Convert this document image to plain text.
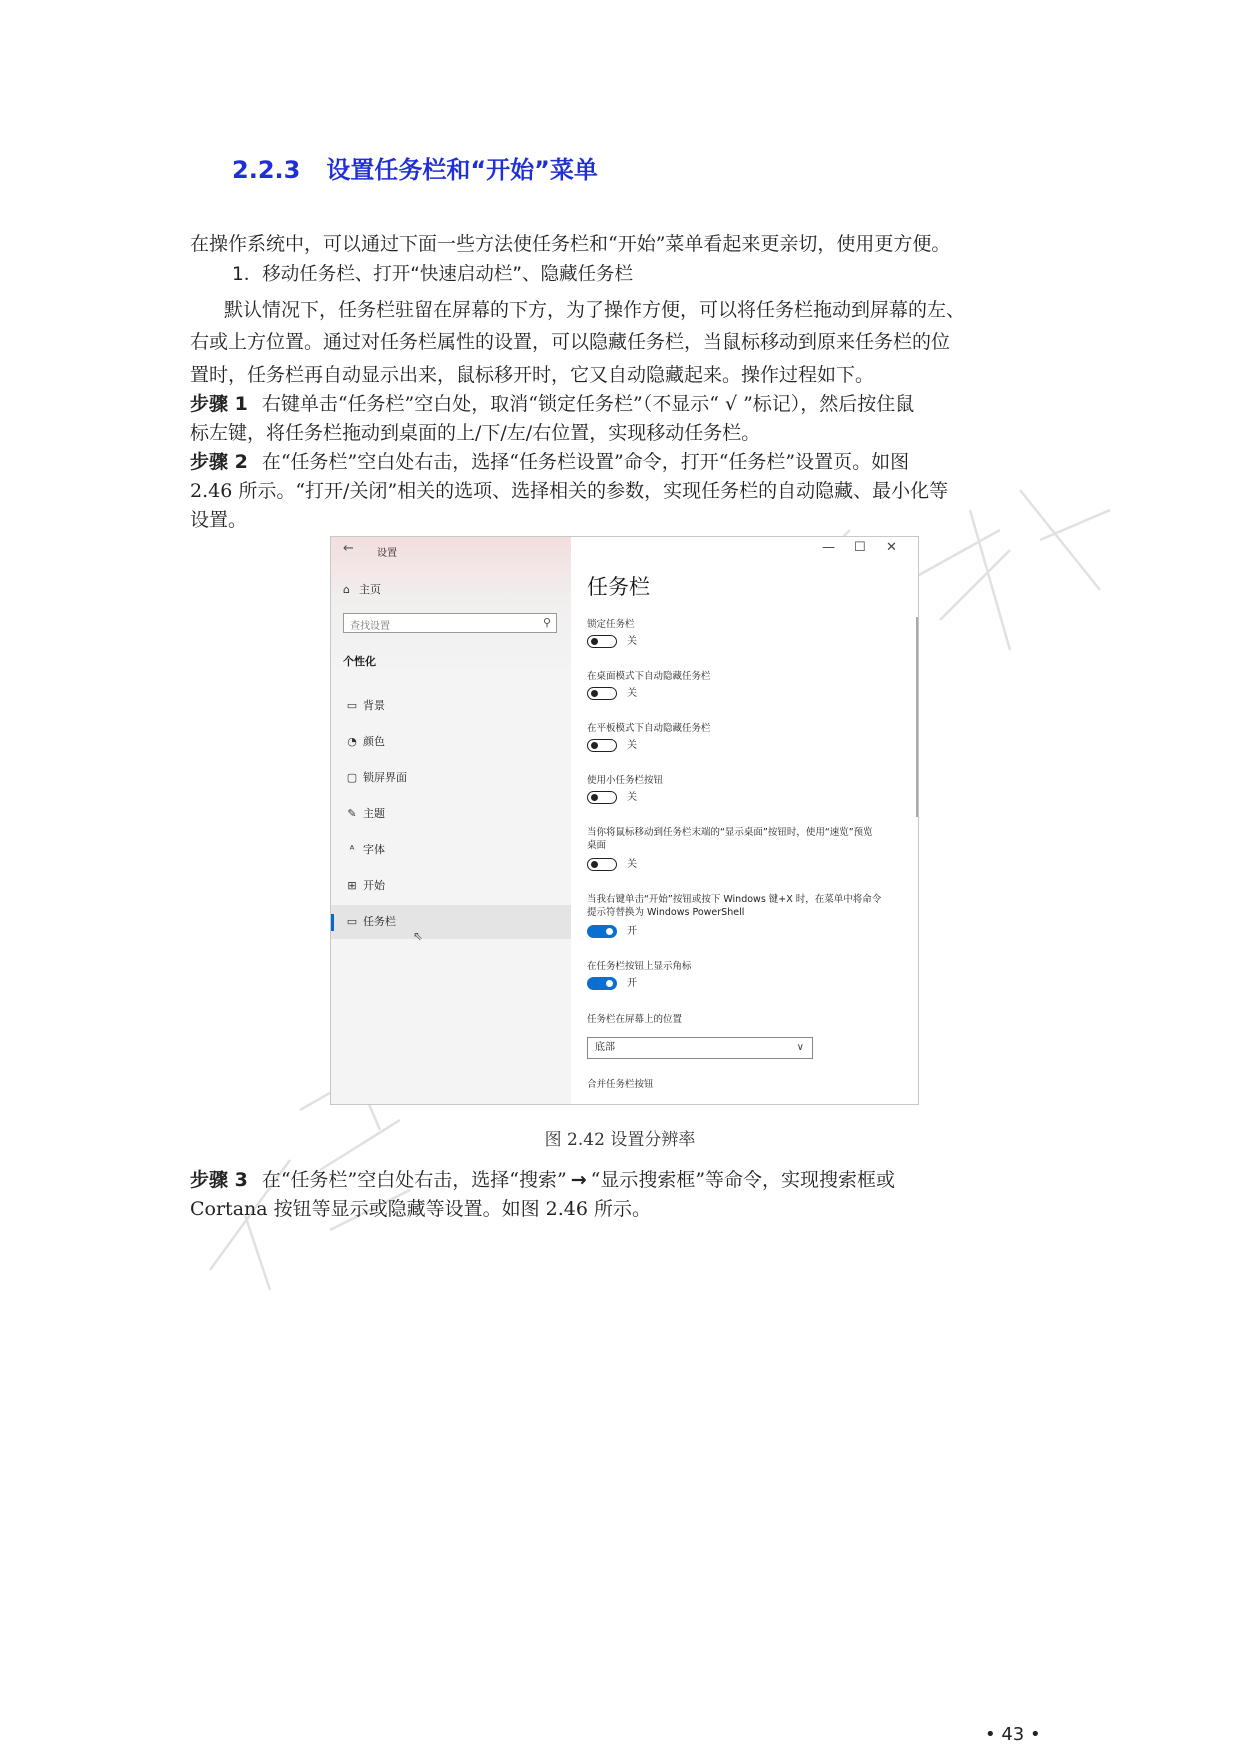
2.2.3 设置任务栏和“开始”菜单
在操作系统中，可以通过下面一些方法使任务栏和“开始”菜单看起来更亲切，使用更方便。
1．移动任务栏、打开“快速启动栏”、隐藏任务栏
默认情况下，任务栏驻留在屏幕的下方，为了操作方便，可以将任务栏拖动到屏幕的左、
右或上方位置。通过对任务栏属性的设置，可以隐藏任务栏，当鼠标移动到原来任务栏的位
置时，任务栏再自动显示出来，鼠标移开时，它又自动隐藏起来。操作过程如下。
步骤 1 右键单击“任务栏”空白处，取消“锁定任务栏”（不显示“ √ ”标记），然后按住鼠
标左键，将任务栏拖动到桌面的上/下/左/右位置，实现移动任务栏。
步骤 2 在“任务栏”空白处右击，选择“任务栏设置”命令，打开“任务栏”设置页。如图
2.46 所示。“打开/关闭”相关的选项、选择相关的参数，实现任务栏的自动隐藏、最小化等
设置。
⌂ 主页
查找设置
⚲
个性化
▭ 背景
◔ 颜色
▢ 锁屏界面
✎ 主题
ᴬ 字体
⊞ 开始
▭ 任务栏
⇖
任务栏
锁定任务栏
关
在桌面模式下自动隐藏任务栏
关
在平板模式下自动隐藏任务栏
关
使用小任务栏按钮
关
当你将鼠标移动到任务栏末端的“显示桌面”按钮时，使用“速览”预览桌面
关
当我右键单击“开始”按钮或按下 Windows 键+X 时，在菜单中将命令提示符替换为 Windows PowerShell
开
在任务栏按钮上显示角标
开
任务栏在屏幕上的位置
底部	∨
合并任务栏按钮
← 设置	— ☐ ✕
图 2.42 设置分辨率
步骤 3 在“任务栏”空白处右击，选择“搜索” → “显示搜索框”等命令，实现搜索框或
Cortana 按钮等显示或隐藏等设置。如图 2.46 所示。
• 43 •
